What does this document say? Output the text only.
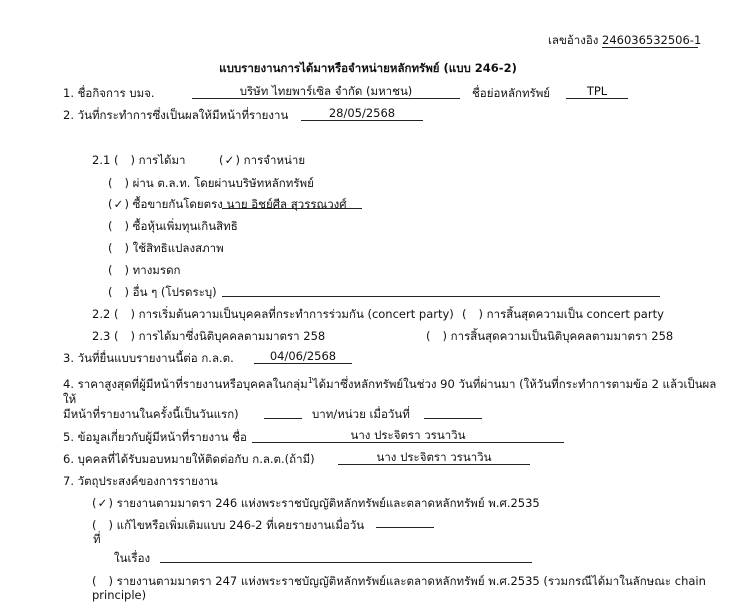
เลขอ้างอิง 246036532506-1
แบบรายงานการได้มาหรือจำหน่ายหลักทรัพย์ (แบบ 246-2)
1. ชื่อกิจการ บมจ.	บริษัท ไทยพาร์เซิล จำกัด (มหาชน)	ชื่อย่อหลักทรัพย์	TPL
2. วันที่กระทำการซึ่งเป็นผลให้มีหน้าที่รายงาน	28/05/2568
2.1 ( ) การได้มา	(✓) การจำหน่าย
( ) ผ่าน ต.ล.ท. โดยผ่านบริษัทหลักทรัพย์
(✓) ซื้อขายกันโดยตรง นาย อิชย์ศีล สุวรรณวงศ์
( ) ซื้อหุ้นเพิ่มทุนเกินสิทธิ
( ) ใช้สิทธิแปลงสภาพ
( ) ทางมรดก
( ) อื่น ๆ (โปรดระบุ)
2.2 ( ) การเริ่มต้นความเป็นบุคคลที่กระทำการร่วมกัน (concert party) ( ) การสิ้นสุดความเป็น concert party
2.3 ( ) การได้มาซึ่งนิติบุคคลตามมาตรา 258	( ) การสิ้นสุดความเป็นนิติบุคคลตามมาตรา 258
3. วันที่ยื่นแบบรายงานนี้ต่อ ก.ล.ต.	04/06/2568
4. ราคาสูงสุดที่ผู้มีหน้าที่รายงานหรือบุคคลในกลุ่ม$^1$ได้มาซึ่งหลักทรัพย์ในช่วง 90 วันที่ผ่านมา (ให้วันที่กระทำการตามข้อ 2 แล้วเป็นผล
ให้
มีหน้าที่รายงานในครั้งนี้เป็นวันแรก)	บาท/หน่วย เมื่อวันที่
5. ข้อมูลเกี่ยวกับผู้มีหน้าที่รายงาน ชื่อ	นาง ประจิตรา วรนาวิน
6. บุคคลที่ได้รับมอบหมายให้ติดต่อกับ ก.ล.ต.(ถ้ามี)	นาง ประจิตรา วรนาวิน
7. วัตถุประสงค์ของการรายงาน
(✓) รายงานตามมาตรา 246 แห่งพระราชบัญญัติหลักทรัพย์และตลาดหลักทรัพย์ พ.ศ.2535
( ) แก้ไขหรือเพิ่มเติมแบบ 246-2 ที่เคยรายงานเมื่อวัน
ที่
ในเรื่อง
( ) รายงานตามมาตรา 247 แห่งพระราชบัญญัติหลักทรัพย์และตลาดหลักทรัพย์ พ.ศ.2535 (รวมกรณีได้มาในลักษณะ chain
principle)
